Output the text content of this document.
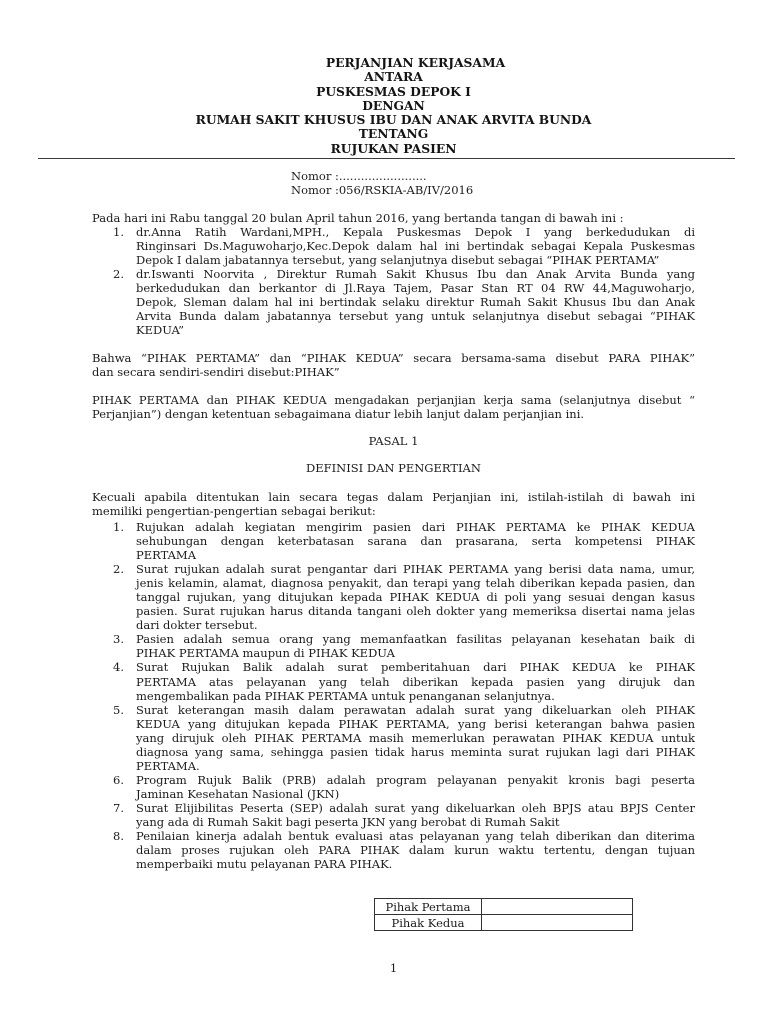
PERJANJIAN KERJASAMA
ANTARA
PUSKESMAS DEPOK I
DENGAN
RUMAH SAKIT KHUSUS IBU DAN ANAK ARVITA BUNDA
TENTANG
RUJUKAN PASIEN
Nomor :........................
Nomor :056/RSKIA-AB/IV/2016
Pada hari ini Rabu tanggal 20 bulan April tahun 2016, yang bertanda tangan di bawah ini :
1. dr.Anna Ratih Wardani,MPH., Kepala Puskesmas Depok I yang berkedudukan di
Ringinsari Ds.Maguwoharjo,Kec.Depok dalam hal ini bertindak sebagai Kepala Puskesmas
Depok I dalam jabatannya tersebut, yang selanjutnya disebut sebagai “PIHAK PERTAMA”
2. dr.Iswanti Noorvita , Direktur Rumah Sakit Khusus Ibu dan Anak Arvita Bunda yang
berkedudukan dan berkantor di Jl.Raya Tajem, Pasar Stan RT 04 RW 44,Maguwoharjo,
Depok, Sleman dalam hal ini bertindak selaku direktur Rumah Sakit Khusus Ibu dan Anak
Arvita Bunda dalam jabatannya tersebut yang untuk selanjutnya disebut sebagai “PIHAK
KEDUA”
Bahwa “PIHAK PERTAMA” dan “PIHAK KEDUA” secara bersama-sama disebut PARA PIHAK”
dan secara sendiri-sendiri disebut:PIHAK”
PIHAK PERTAMA dan PIHAK KEDUA mengadakan perjanjian kerja sama (selanjutnya disebut “
Perjanjian”) dengan ketentuan sebagaimana diatur lebih lanjut dalam perjanjian ini.
PASAL 1
DEFINISI DAN PENGERTIAN
Kecuali apabila ditentukan lain secara tegas dalam Perjanjian ini, istilah-istilah di bawah ini
memiliki pengertian-pengertian sebagai berikut:
1. Rujukan adalah kegiatan mengirim pasien dari PIHAK PERTAMA ke PIHAK KEDUA
sehubungan dengan keterbatasan sarana dan prasarana, serta kompetensi PIHAK
PERTAMA
2. Surat rujukan adalah surat pengantar dari PIHAK PERTAMA yang berisi data nama, umur,
jenis kelamin, alamat, diagnosa penyakit, dan terapi yang telah diberikan kepada pasien, dan
tanggal rujukan, yang ditujukan kepada PIHAK KEDUA di poli yang sesuai dengan kasus
pasien. Surat rujukan harus ditanda tangani oleh dokter yang memeriksa disertai nama jelas
dari dokter tersebut.
3. Pasien adalah semua orang yang memanfaatkan fasilitas pelayanan kesehatan baik di
PIHAK PERTAMA maupun di PIHAK KEDUA
4. Surat Rujukan Balik adalah surat pemberitahuan dari PIHAK KEDUA ke PIHAK
PERTAMA atas pelayanan yang telah diberikan kepada pasien yang dirujuk dan
mengembalikan pada PIHAK PERTAMA untuk penanganan selanjutnya.
5. Surat keterangan masih dalam perawatan adalah surat yang dikeluarkan oleh PIHAK
KEDUA yang ditujukan kepada PIHAK PERTAMA, yang berisi keterangan bahwa pasien
yang dirujuk oleh PIHAK PERTAMA masih memerlukan perawatan PIHAK KEDUA untuk
diagnosa yang sama, sehingga pasien tidak harus meminta surat rujukan lagi dari PIHAK
PERTAMA.
6. Program Rujuk Balik (PRB) adalah program pelayanan penyakit kronis bagi peserta
Jaminan Kesehatan Nasional (JKN)
7. Surat Elijibilitas Peserta (SEP) adalah surat yang dikeluarkan oleh BPJS atau BPJS Center
yang ada di Rumah Sakit bagi peserta JKN yang berobat di Rumah Sakit
8. Penilaian kinerja adalah bentuk evaluasi atas pelayanan yang telah diberikan dan diterima
dalam proses rujukan oleh PARA PIHAK dalam kurun waktu tertentu, dengan tujuan
memperbaiki mutu pelayanan PARA PIHAK.
Pihak Pertama	
Pihak Kedua	
1
